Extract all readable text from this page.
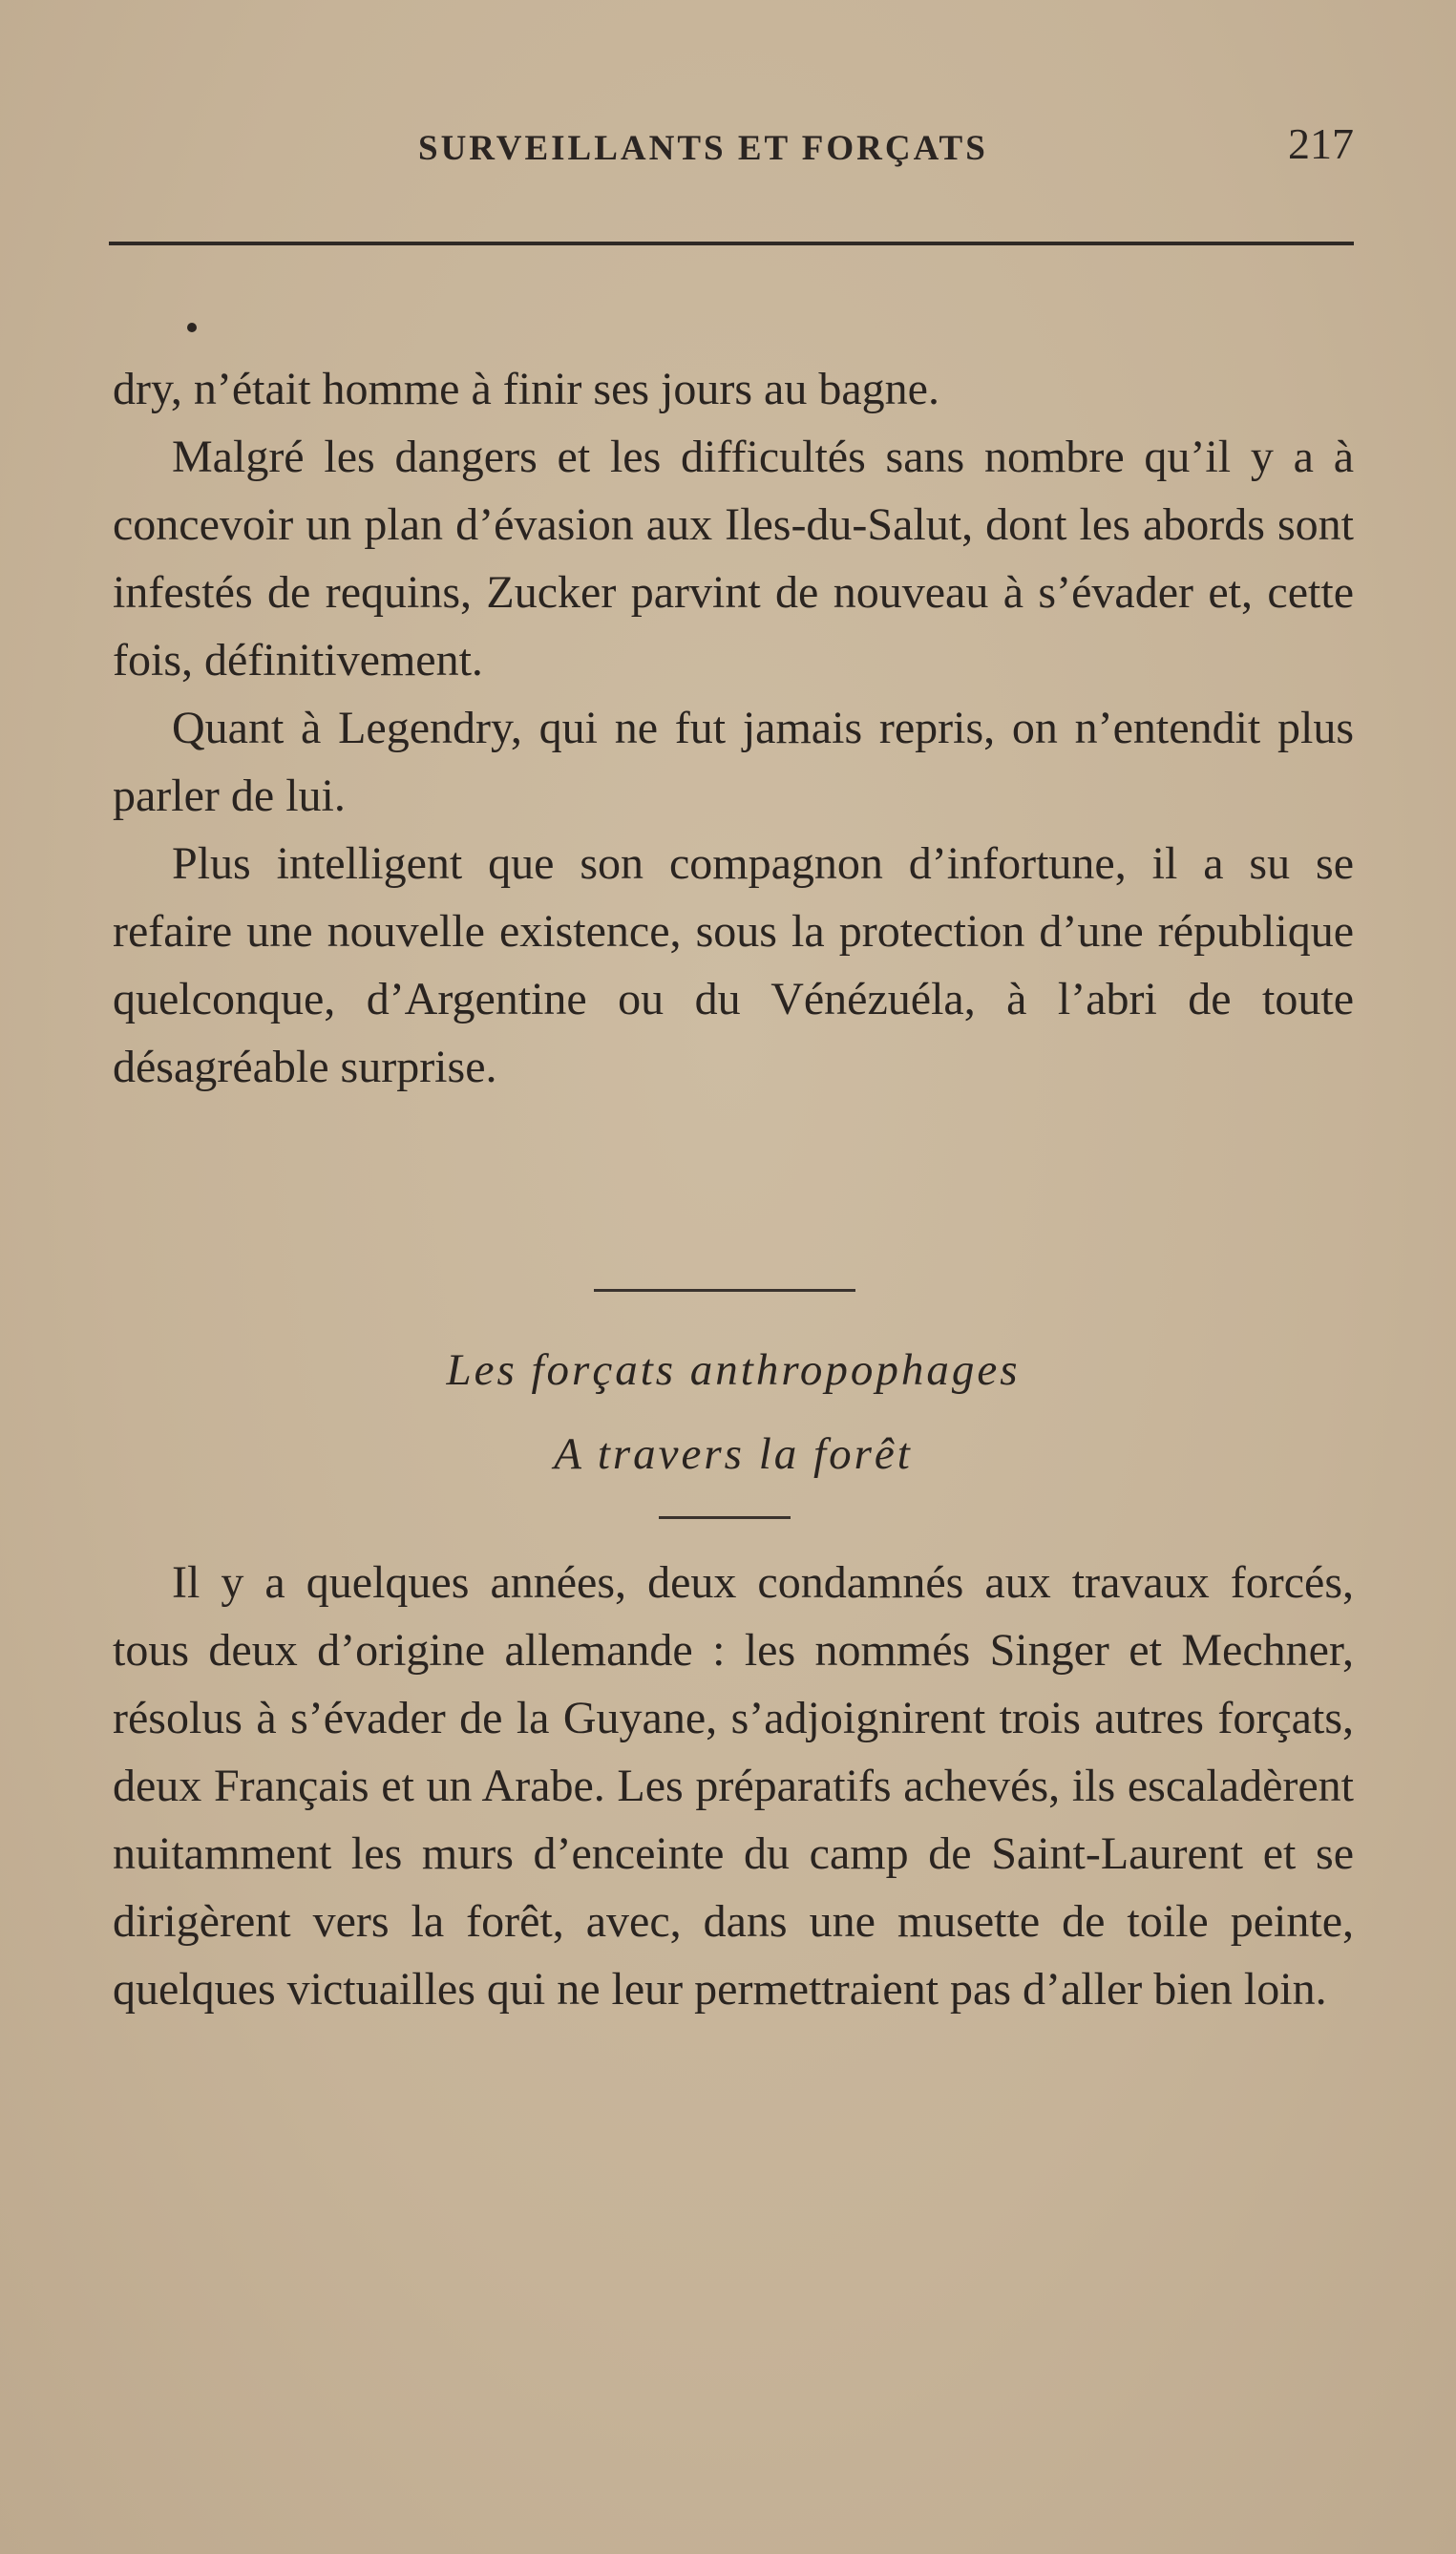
SURVEILLANTS ET FORÇATS	217

dry, n’était homme à finir ses jours au bagne.

Malgré les dangers et les difficultés sans nombre qu’il y a à concevoir un plan d’évasion aux Iles-du-Salut, dont les abords sont infestés de requins, Zucker parvint de nouveau à s’évader et, cette fois, définitivement.

Quant à Legendry, qui ne fut jamais repris, on n’entendit plus parler de lui.

Plus intelligent que son compagnon d’infortune, il a su se refaire une nouvelle existence, sous la protection d’une république quelconque, d’Argentine ou du Vénézuéla, à l’abri de toute désagréable surprise.

Les forçats anthropophages
A travers la forêt

Il y a quelques années, deux condamnés aux travaux forcés, tous deux d’origine allemande : les nommés Singer et Mechner, résolus à s’évader de la Guyane, s’adjoignirent trois autres forçats, deux Français et un Arabe. Les préparatifs achevés, ils escaladèrent nuitamment les murs d’enceinte du camp de Saint-Laurent et se dirigèrent vers la forêt, avec, dans une musette de toile peinte, quelques victuailles qui ne leur permettraient pas d’aller bien loin.
